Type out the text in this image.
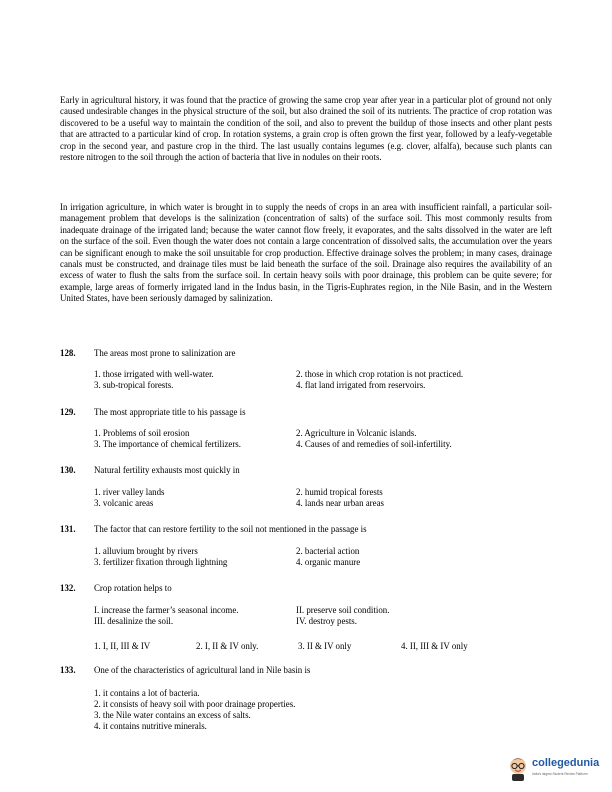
Early in agricultural history, it was found that the practice of growing the same crop year after year in a particular plot of ground not only caused undesirable changes in the physical structure of the soil, but also drained the soil of its nutrients. The practice of crop rotation was discovered to be a useful way to maintain the condition of the soil, and also to prevent the buildup of those insects and other plant pests that are attracted to a particular kind of crop. In rotation systems, a grain crop is often grown the first year, followed by a leafy-vegetable crop in the second year, and pasture crop in the third. The last usually contains legumes (e.g. clover, alfalfa), because such plants can restore nitrogen to the soil through the action of bacteria that live in nodules on their roots.

In irrigation agriculture, in which water is brought in to supply the needs of crops in an area with insufficient rainfall, a particular soil-management problem that develops is the salinization (concentration of salts) of the surface soil. This most commonly results from inadequate drainage of the irrigated land; because the water cannot flow freely, it evaporates, and the salts dissolved in the water are left on the surface of the soil. Even though the water does not contain a large concentration of dissolved salts, the accumulation over the years can be significant enough to make the soil unsuitable for crop production. Effective drainage solves the problem; in many cases, drainage canals must be constructed, and drainage tiles must be laid beneath the surface of the soil. Drainage also requires the availability of an excess of water to flush the salts from the surface soil. In certain heavy soils with poor drainage, this problem can be quite severe; for example, large areas of formerly irrigated land in the Indus basin, in the Tigris-Euphrates region, in the Nile Basin, and in the Western United States, have been seriously damaged by salinization.

128. The areas most prone to salinization are
1. those irrigated with well-water.	2. those in which crop rotation is not practiced.
3. sub-tropical forests.	4. flat land irrigated from reservoirs.
129. The most appropriate title to his passage is
1. Problems of soil erosion	2. Agriculture in Volcanic islands.
3. The importance of chemical fertilizers.	4. Causes of and remedies of soil-infertility.
130. Natural fertility exhausts most quickly in
1. river valley lands	2. humid tropical forests
3. volcanic areas	4. lands near urban areas
131. The factor that can restore fertility to the soil not mentioned in the passage is
1. alluvium brought by rivers	2. bacterial action
3. fertilizer fixation through lightning	4. organic manure
132. Crop rotation helps to
I. increase the farmer’s seasonal income.	II. preserve soil condition.
III. desalinize the soil.	IV. destroy pests.
1. I, II, III & IV	2. I, II & IV only.	3. II & IV only	4. II, III & IV only
133. One of the characteristics of agricultural land in Nile basin is
1. it contains a lot of bacteria.
2. it consists of heavy soil with poor drainage properties.
3. the Nile water contains an excess of salts.
4. it contains nutritive minerals.
collegedunia
India's largest Student Review Platform
